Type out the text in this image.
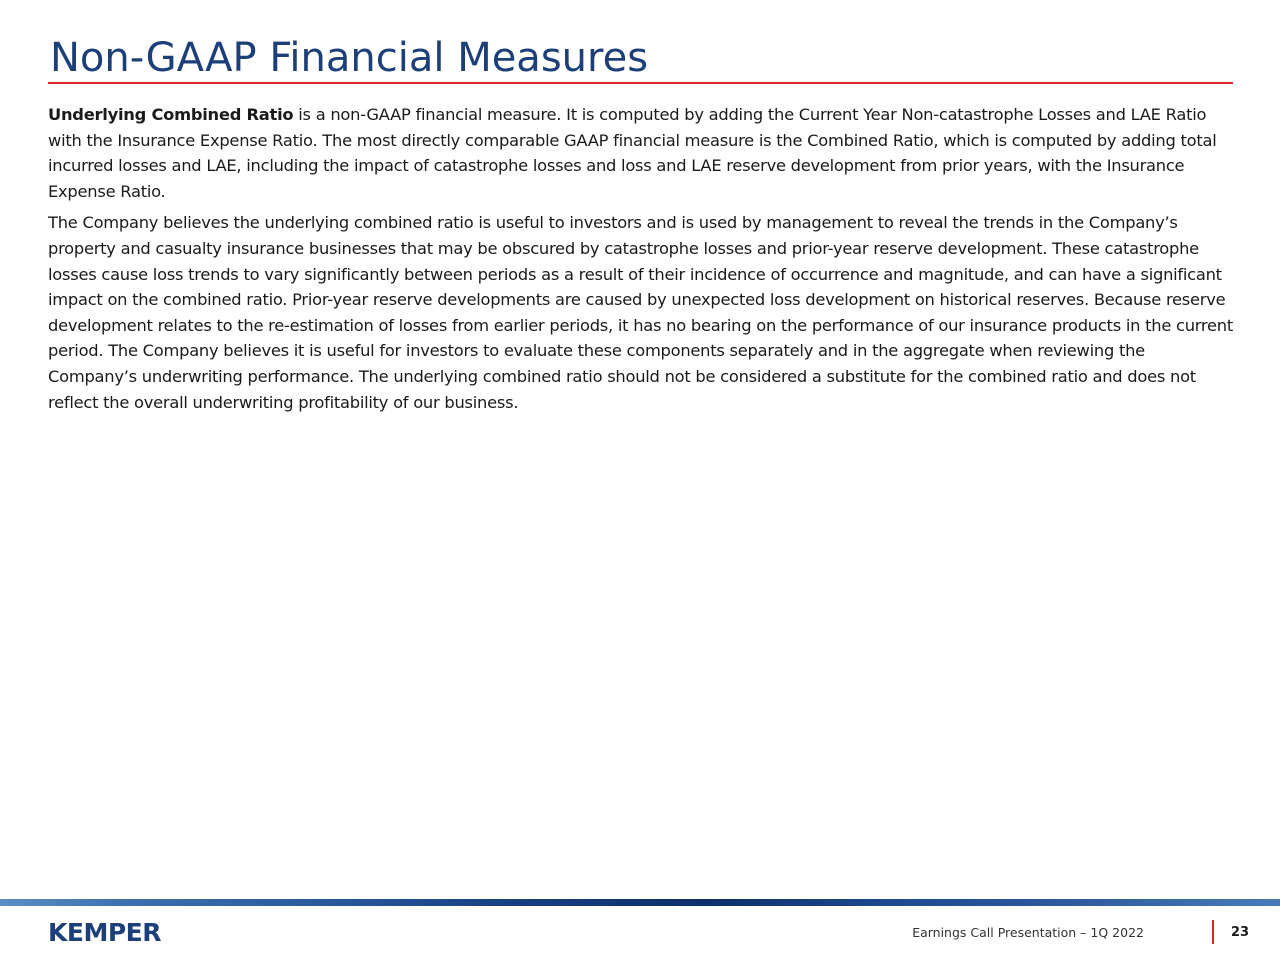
Non-GAAP Financial Measures

Underlying Combined Ratio is a non-GAAP financial measure. It is computed by adding the Current Year Non-catastrophe Losses and LAE Ratio with the Insurance Expense Ratio. The most directly comparable GAAP financial measure is the Combined Ratio, which is computed by adding total incurred losses and LAE, including the impact of catastrophe losses and loss and LAE reserve development from prior years, with the Insurance Expense Ratio.

The Company believes the underlying combined ratio is useful to investors and is used by management to reveal the trends in the Company’s property and casualty insurance businesses that may be obscured by catastrophe losses and prior-year reserve development. These catastrophe losses cause loss trends to vary significantly between periods as a result of their incidence of occurrence and magnitude, and can have a significant impact on the combined ratio. Prior-year reserve developments are caused by unexpected loss development on historical reserves. Because reserve development relates to the re-estimation of losses from earlier periods, it has no bearing on the performance of our insurance products in the current period. The Company believes it is useful for investors to evaluate these components separately and in the aggregate when reviewing the Company’s underwriting performance. The underlying combined ratio should not be considered a substitute for the combined ratio and does not reflect the overall underwriting profitability of our business.

KEMPER	Earnings Call Presentation – 1Q 2022	23
